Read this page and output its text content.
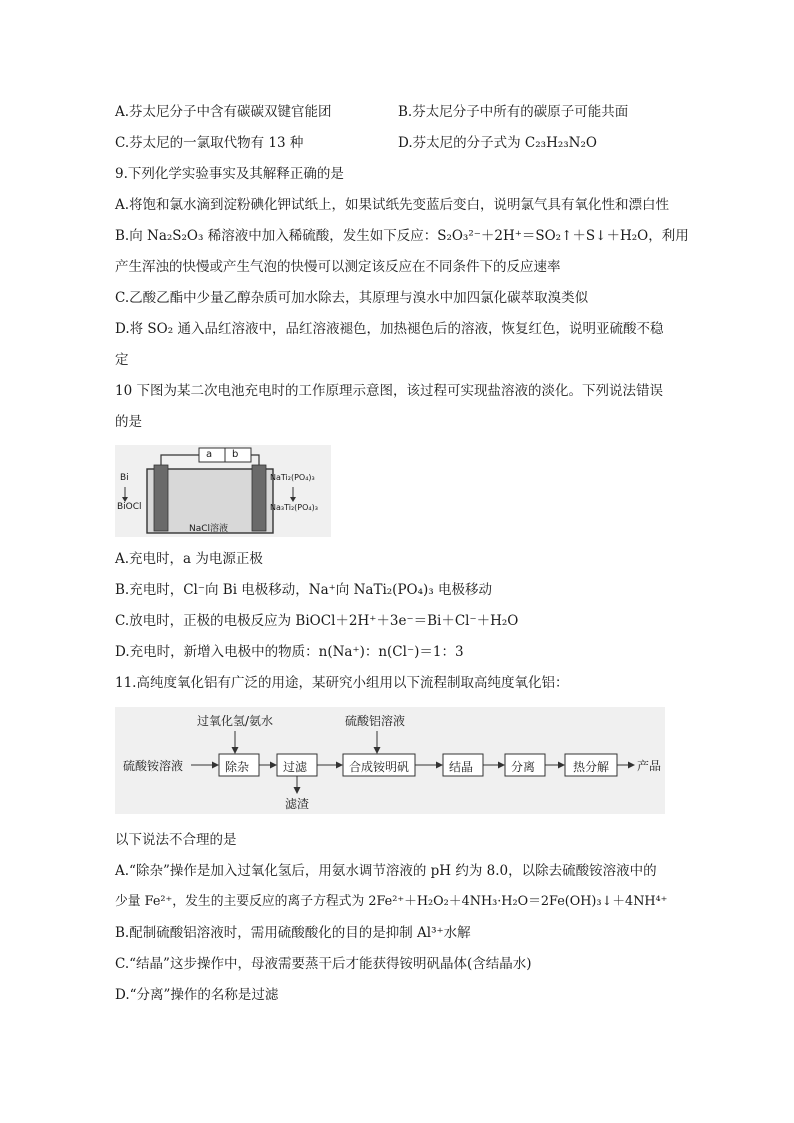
A.芬太尼分子中含有碳碳双键官能团	B.芬太尼分子中所有的碳原子可能共面
C.芬太尼的一氯取代物有 13 种	D.芬太尼的分子式为 C₂₃H₂₃N₂O
9.下列化学实验事实及其解释正确的是
A.将饱和氯水滴到淀粉碘化钾试纸上，如果试纸先变蓝后变白，说明氯气具有氧化性和漂白性
B.向 Na₂S₂O₃ 稀溶液中加入稀硫酸，发生如下反应：S₂O₃²⁻＋2H⁺＝SO₂↑＋S↓＋H₂O，利用
产生浑浊的快慢或产生气泡的快慢可以测定该反应在不同条件下的反应速率
C.乙酸乙酯中少量乙醇杂质可加水除去，其原理与溴水中加四氯化碳萃取溴类似
D.将 SO₂ 通入品红溶液中，品红溶液褪色，加热褪色后的溶液，恢复红色，说明亚硫酸不稳
定
10 下图为某二次电池充电时的工作原理示意图，该过程可实现盐溶液的淡化。下列说法错误
的是
a b
Bi
BiOCl
NaTi₂(PO₄)₃
Na₃Ti₂(PO₄)₃
NaCl溶液
A.充电时，a 为电源正极
B.充电时，Cl⁻向 Bi 电极移动，Na⁺向 NaTi₂(PO₄)₃ 电极移动
C.放电时，正极的电极反应为 BiOCl＋2H⁺＋3e⁻＝Bi＋Cl⁻＋H₂O
D.充电时，新增入电极中的物质：n(Na⁺)：n(Cl⁻)＝1：3
11.高纯度氧化铝有广泛的用途，某研究小组用以下流程制取高纯度氧化铝：
过氧化氢/氨水	硫酸铝溶液
硫酸铵溶液	除杂	过滤	合成铵明矾	结晶	分离	热分解 产品
滤渣
以下说法不合理的是
A.“除杂”操作是加入过氧化氢后，用氨水调节溶液的 pH 约为 8.0，以除去硫酸铵溶液中的
少量 Fe²⁺，发生的主要反应的离子方程式为 2Fe²⁺＋H₂O₂＋4NH₃·H₂O＝2Fe(OH)₃↓＋4NH⁴⁺
B.配制硫酸铝溶液时，需用硫酸酸化的目的是抑制 Al³⁺水解
C.“结晶”这步操作中，母液需要蒸干后才能获得铵明矾晶体(含结晶水)
D.“分离”操作的名称是过滤
